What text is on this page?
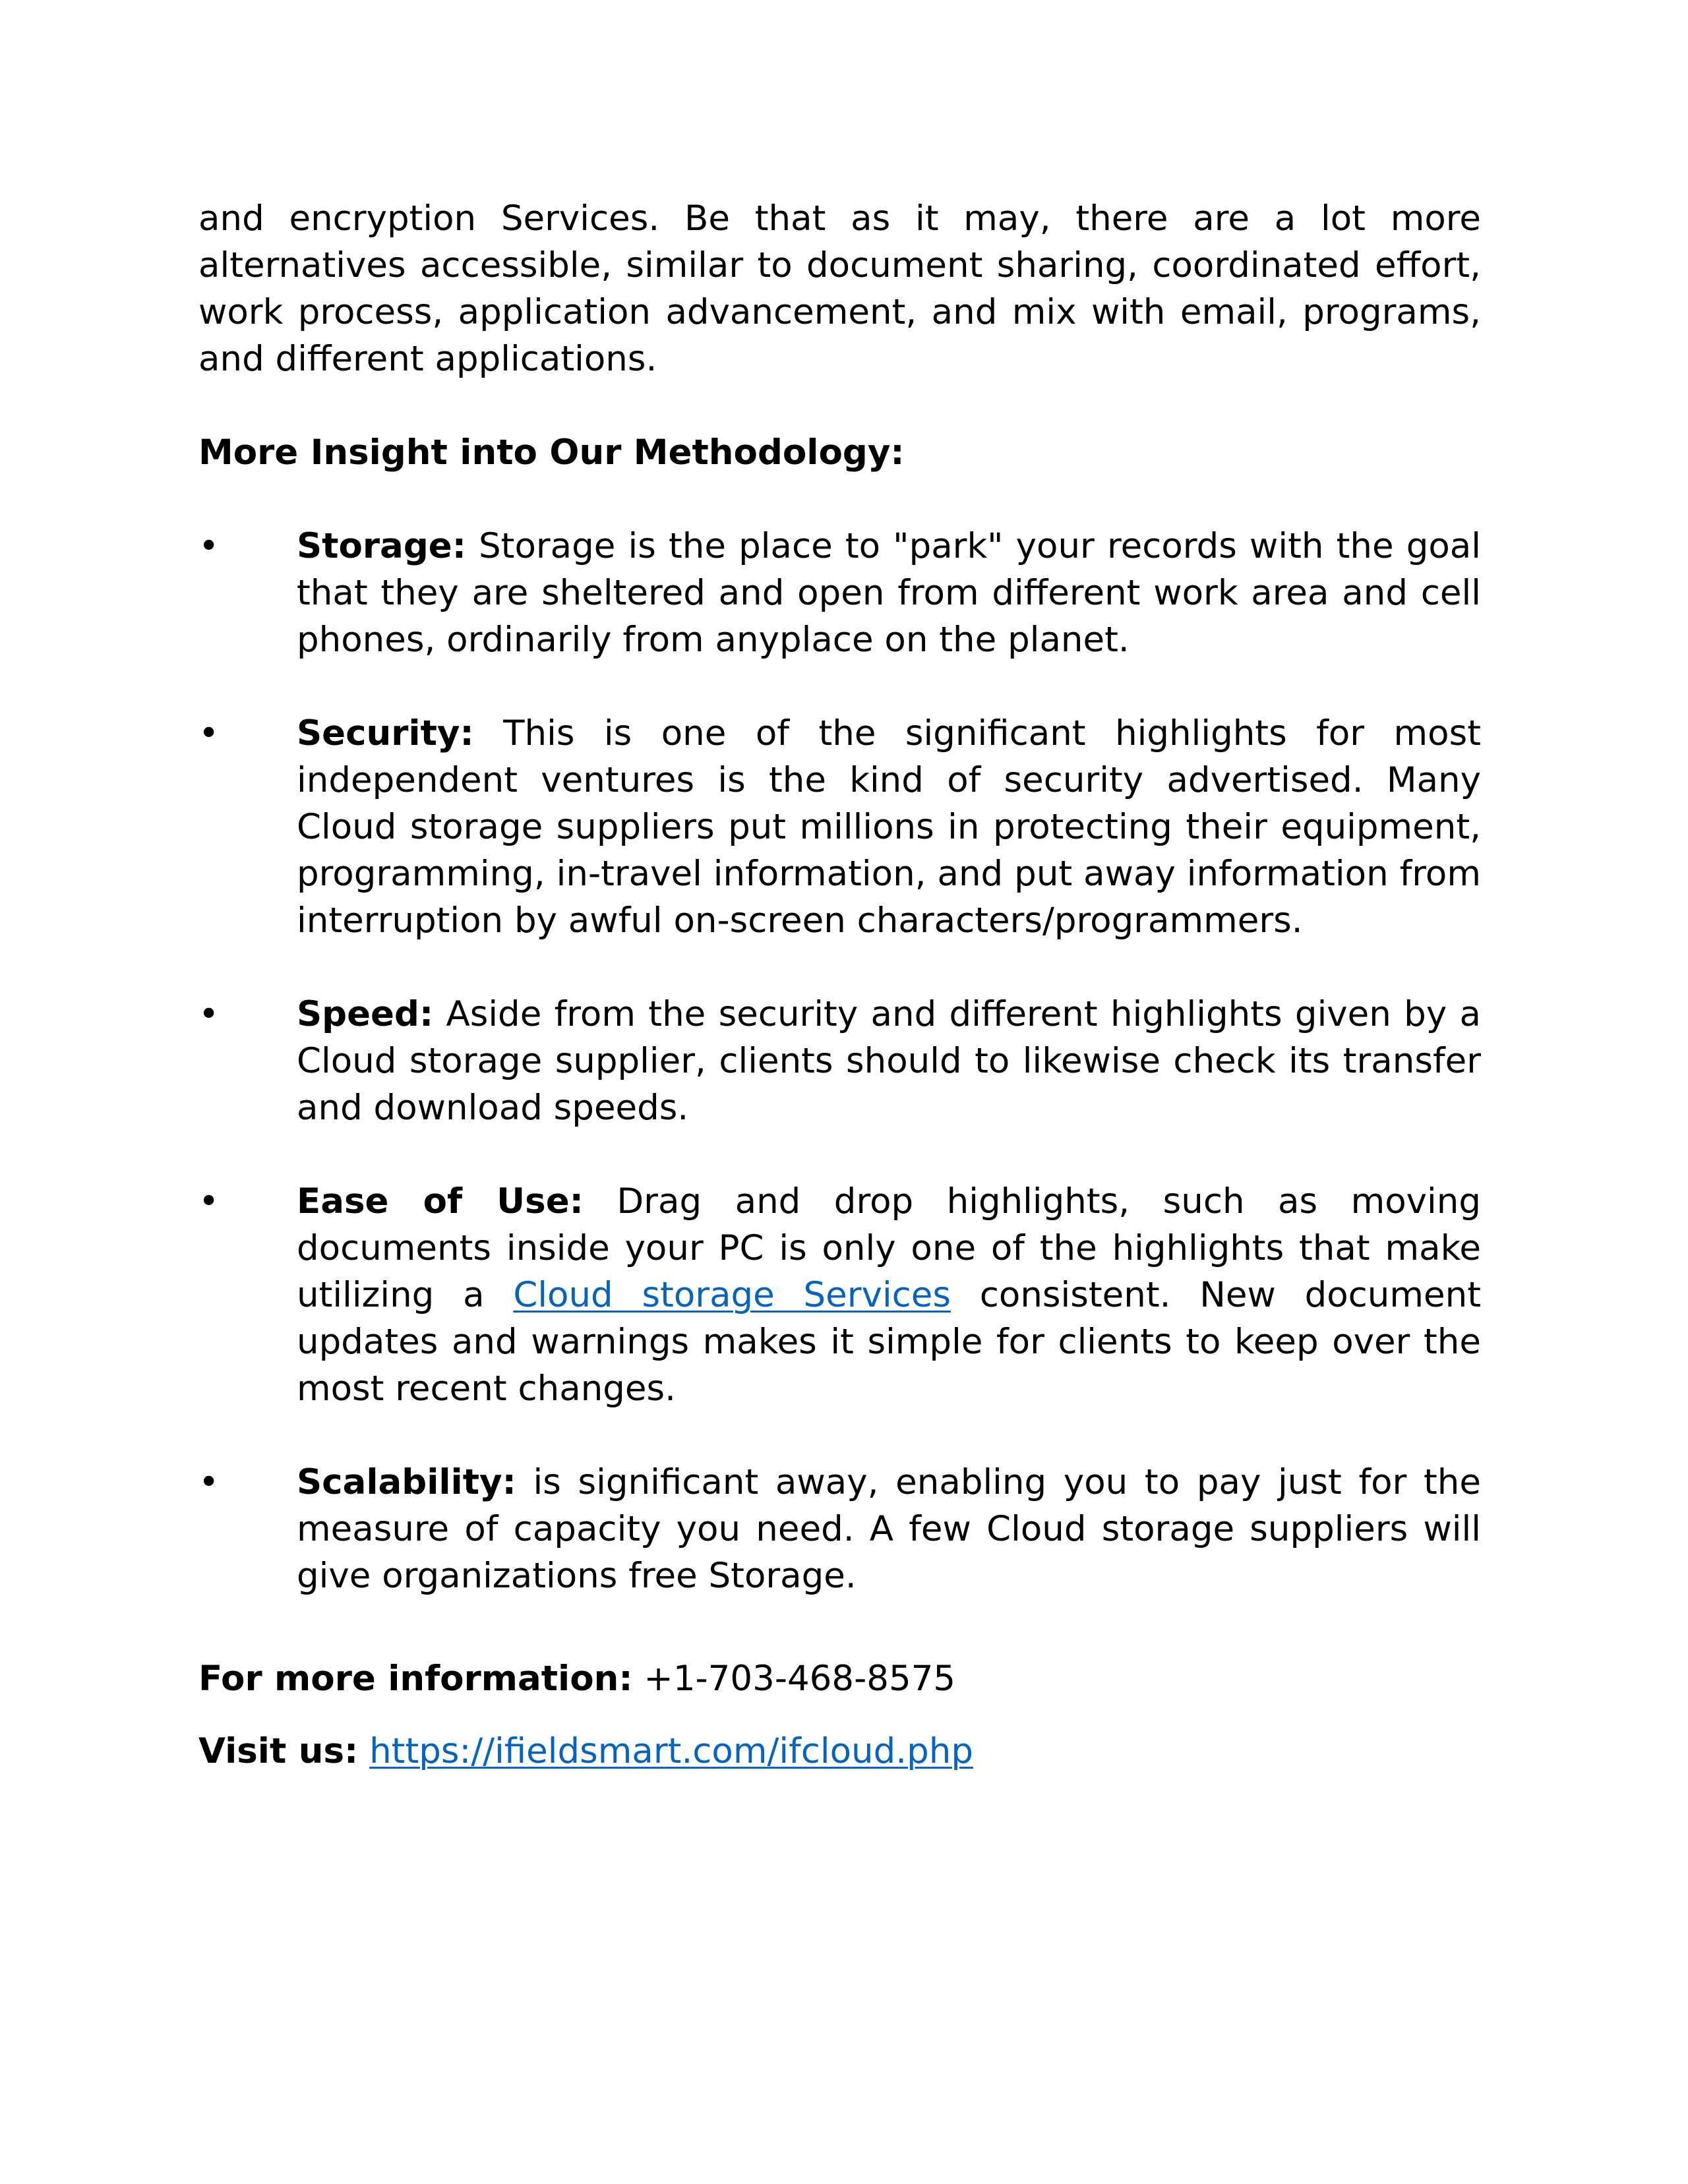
and encryption Services. Be that as it may, there are a lot more alternatives accessible, similar to document sharing, coordinated effort, work process, application advancement, and mix with email, programs, and different applications.

More Insight into Our Methodology:

• Storage: Storage is the place to "park" your records with the goal that they are sheltered and open from different work area and cell phones, ordinarily from anyplace on the planet.
• Security: This is one of the significant highlights for most independent ventures is the kind of security advertised. Many Cloud storage suppliers put millions in protecting their equipment, programming, in-travel information, and put away information from interruption by awful on-screen characters/programmers.
• Speed: Aside from the security and different highlights given by a Cloud storage supplier, clients should to likewise check its transfer and download speeds.
• Ease of Use: Drag and drop highlights, such as moving documents inside your PC is only one of the highlights that make utilizing a Cloud storage Services consistent. New document updates and warnings makes it simple for clients to keep over the most recent changes.
• Scalability: is significant away, enabling you to pay just for the measure of capacity you need. A few Cloud storage suppliers will give organizations free Storage.

For more information: +1-703-468-8575

Visit us: https://ifieldsmart.com/ifcloud.php
